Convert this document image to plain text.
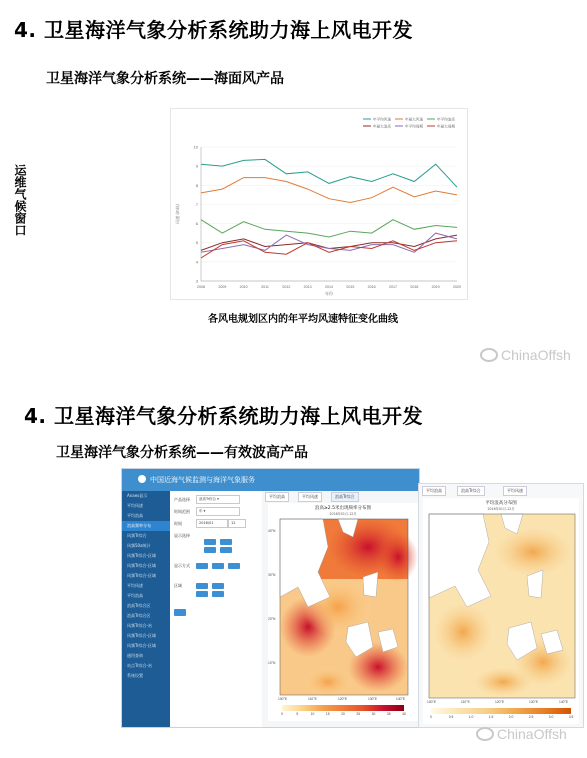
4. 卫星海洋气象分析系统助力海上风电开发
卫星海洋气象分析系统——海面风产品
运维气候窗口
3
4
5
6
7
8
9
10
2008	2009	2010	2011	2012	2013	2014	2015	2016	2017	2018	2019	2020
年份
风速 (m/s)
年平均风速	年最大风速	年平均浪高
年最大浪高	年平均周期	年最大周期
各风电规划区内的年平均风速特征变化曲线
ChinaOffsh
4. 卫星海洋气象分析系统助力海上风电开发
卫星海洋气象分析系统——有效波高产品
中国近海气候监测与海洋气象服务
Anaes显示
平均风速
平均浪高
浪高频率分布
风频Tr综合
风频50a统计
风频Tr综合-区域
风频Tr综合-区域
风频Tr综合-区域
平均风速
平均浪高
浪高Tr综合区
浪高Tr综合区
风频Tr综合-站
风频Tr综合-区域
风频Tr综合-区域
通用查询
站点Tr综合-站
系统设置
产品选择	浪高Tr综合 ▾
时间范围	年 ▾
时间	2016/01	12
显示选择
显示方式
区域
平均浪高	平均风速	浪高Tr综合
浪高≥2.5米出现频率分布图
2016年01月-12月
40°N
30°N
20°N
10°N
100°E	110°E	120°E	130°E	140°E
0	5	10	15	20	25	30	35	40
平均浪高	浪高Tr综合	平均风速
平均浪高分布图
2016年01月-12月
100°E	110°E	120°E	130°E	140°E
0	0.5	1.0	1.5	2.0	2.5	3.0	3.5
ChinaOffsh
